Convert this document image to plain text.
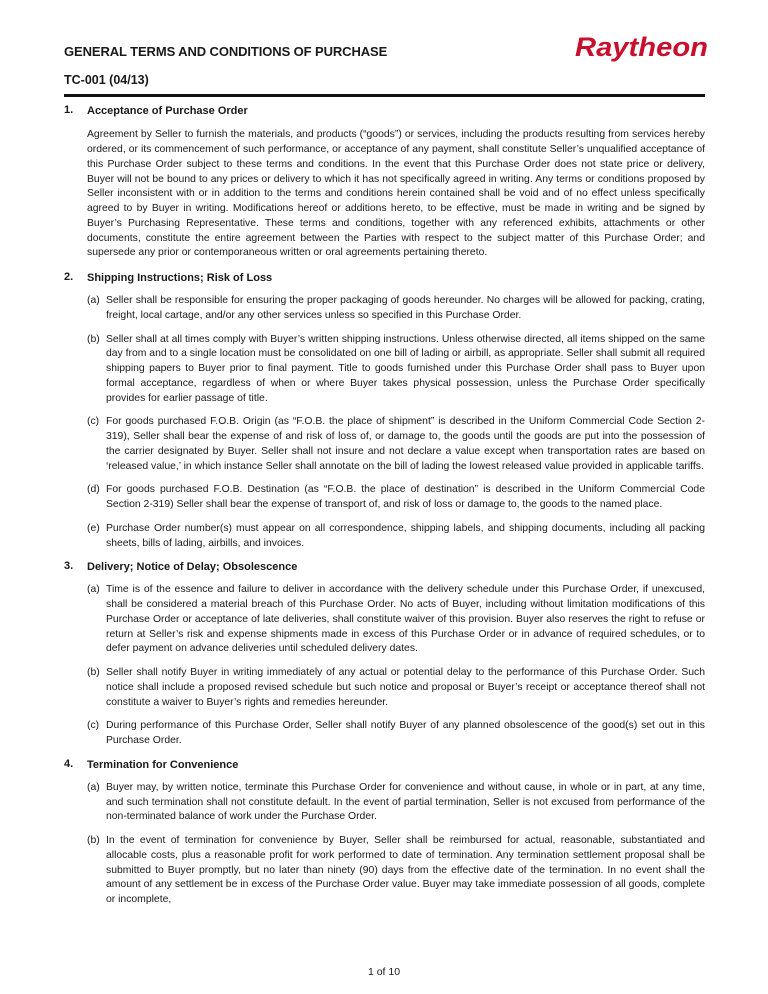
GENERAL TERMS AND CONDITIONS OF PURCHASE	Raytheon
TC-001 (04/13)
1. Acceptance of Purchase Order

Agreement by Seller to furnish the materials, and products (“goods”) or services, including the products resulting from services hereby ordered, or its commencement of such performance, or acceptance of any payment, shall constitute Seller’s unqualified acceptance of this Purchase Order subject to these terms and conditions. In the event that this Purchase Order does not state price or delivery, Buyer will not be bound to any prices or delivery to which it has not specifically agreed in writing. Any terms or conditions proposed by Seller inconsistent with or in addition to the terms and conditions herein contained shall be void and of no effect unless specifically agreed to by Buyer in writing. Modifications hereof or additions hereto, to be effective, must be made in writing and be signed by Buyer’s Purchasing Representative. These terms and conditions, together with any referenced exhibits, attachments or other documents, constitute the entire agreement between the Parties with respect to the subject matter of this Purchase Order; and supersede any prior or contemporaneous written or oral agreements pertaining thereto.

2. Shipping Instructions; Risk of Loss

(a) Seller shall be responsible for ensuring the proper packaging of goods hereunder. No charges will be allowed for packing, crating, freight, local cartage, and/or any other services unless so specified in this Purchase Order.
(b) Seller shall at all times comply with Buyer’s written shipping instructions. Unless otherwise directed, all items shipped on the same day from and to a single location must be consolidated on one bill of lading or airbill, as appropriate. Seller shall submit all required shipping papers to Buyer prior to final payment. Title to goods furnished under this Purchase Order shall pass to Buyer upon formal acceptance, regardless of when or where Buyer takes physical possession, unless the Purchase Order specifically provides for earlier passage of title.
(c) For goods purchased F.O.B. Origin (as “F.O.B. the place of shipment” is described in the Uniform Commercial Code Section 2-319), Seller shall bear the expense of and risk of loss of, or damage to, the goods until the goods are put into the possession of the carrier designated by Buyer. Seller shall not insure and not declare a value except when transportation rates are based on ‘released value,’ in which instance Seller shall annotate on the bill of lading the lowest released value provided in applicable tariffs.
(d) For goods purchased F.O.B. Destination (as “F.O.B. the place of destination” is described in the Uniform Commercial Code Section 2-319) Seller shall bear the expense of transport of, and risk of loss or damage to, the goods to the named place.
(e) Purchase Order number(s) must appear on all correspondence, shipping labels, and shipping documents, including all packing sheets, bills of lading, airbills, and invoices.
3. Delivery; Notice of Delay; Obsolescence

(a) Time is of the essence and failure to deliver in accordance with the delivery schedule under this Purchase Order, if unexcused, shall be considered a material breach of this Purchase Order. No acts of Buyer, including without limitation modifications of this Purchase Order or acceptance of late deliveries, shall constitute waiver of this provision. Buyer also reserves the right to refuse or return at Seller’s risk and expense shipments made in excess of this Purchase Order or in advance of required schedules, or to defer payment on advance deliveries until scheduled delivery dates.
(b) Seller shall notify Buyer in writing immediately of any actual or potential delay to the performance of this Purchase Order. Such notice shall include a proposed revised schedule but such notice and proposal or Buyer’s receipt or acceptance thereof shall not constitute a waiver to Buyer’s rights and remedies hereunder.
(c) During performance of this Purchase Order, Seller shall notify Buyer of any planned obsolescence of the good(s) set out in this Purchase Order.
4. Termination for Convenience

(a) Buyer may, by written notice, terminate this Purchase Order for convenience and without cause, in whole or in part, at any time, and such termination shall not constitute default. In the event of partial termination, Seller is not excused from performance of the non-terminated balance of work under the Purchase Order.
(b) In the event of termination for convenience by Buyer, Seller shall be reimbursed for actual, reasonable, substantiated and allocable costs, plus a reasonable profit for work performed to date of termination. Any termination settlement proposal shall be submitted to Buyer promptly, but no later than ninety (90) days from the effective date of the termination. In no event shall the amount of any settlement be in excess of the Purchase Order value. Buyer may take immediate possession of all goods, complete or incomplete,
1 of 10
